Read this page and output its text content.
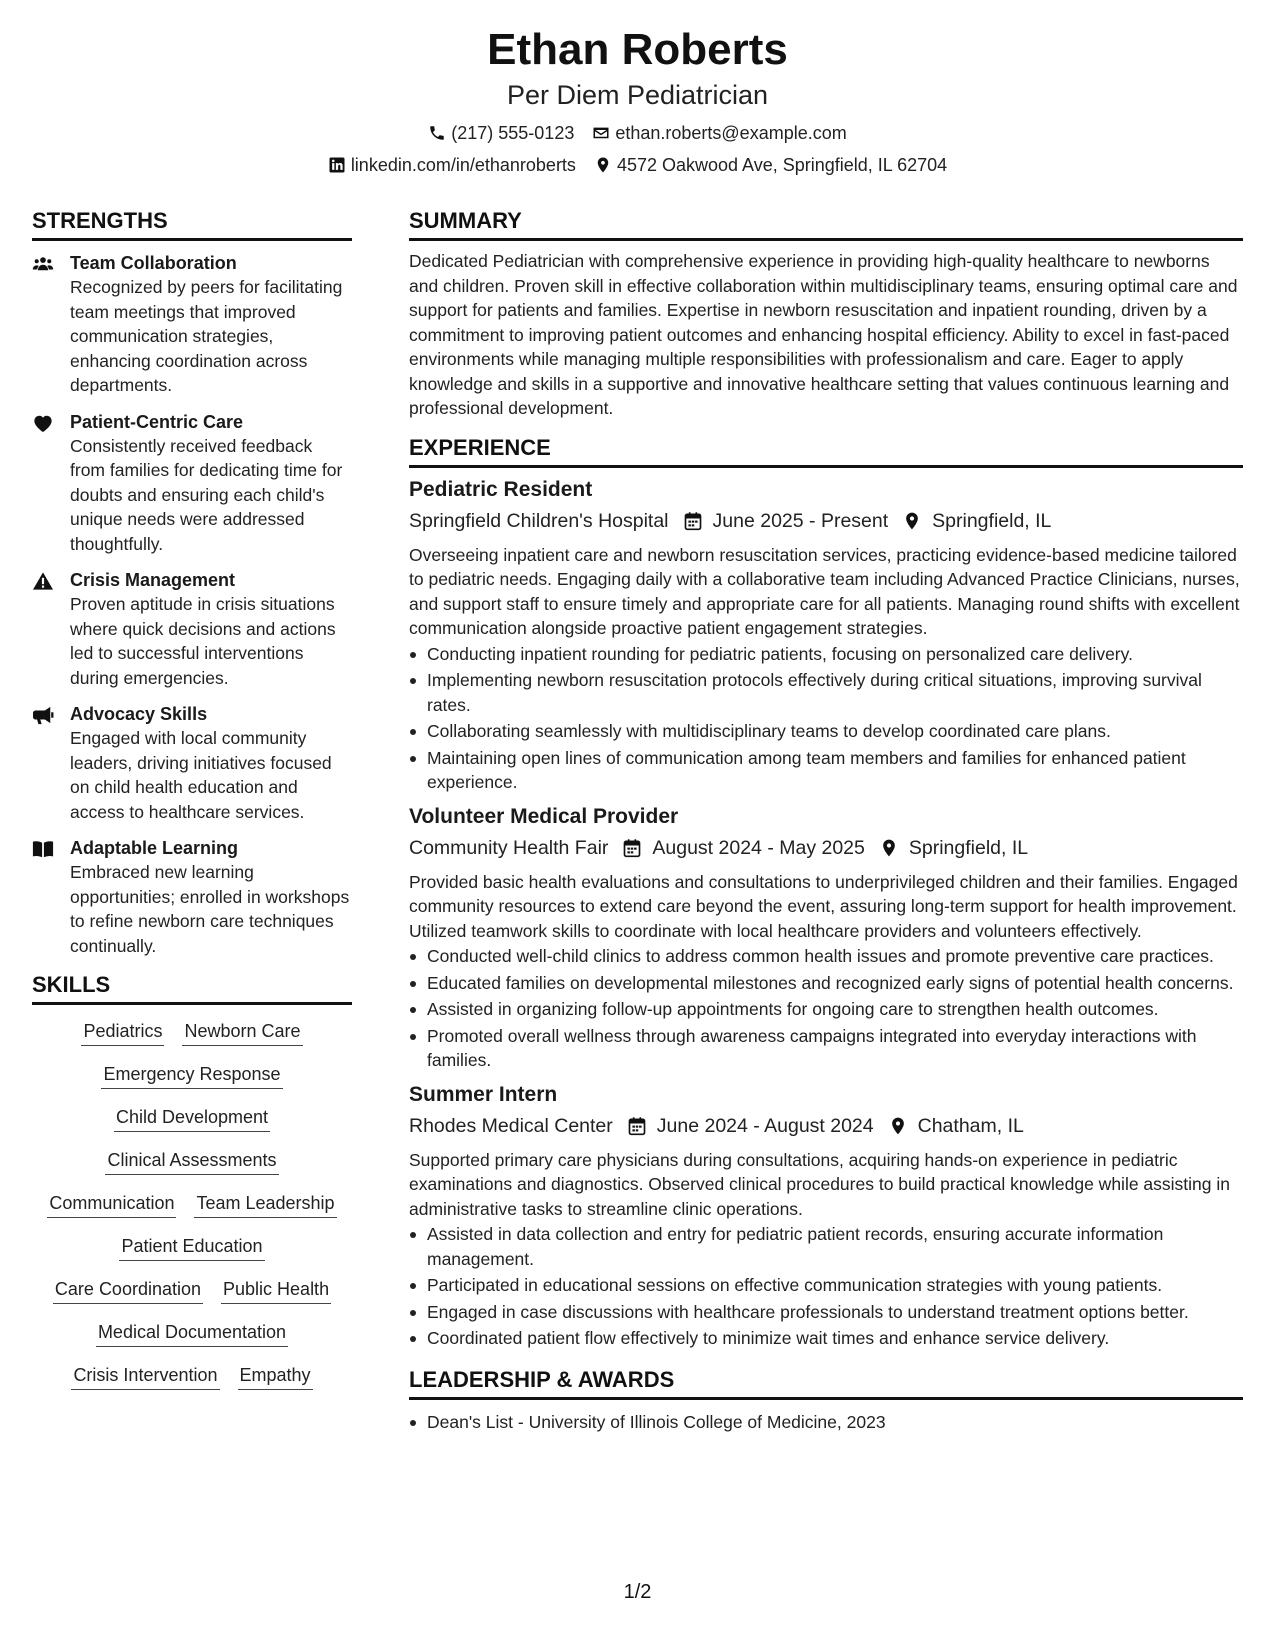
Ethan Roberts
Per Diem Pediatrician
(217) 555-0123 ethan.roberts@example.com
linkedin.com/in/ethanroberts 4572 Oakwood Ave, Springfield, IL 62704
STRENGTHS
Team Collaboration
Recognized by peers for facilitating team meetings that improved communication strategies, enhancing coordination across departments.
Patient-Centric Care
Consistently received feedback from families for dedicating time for doubts and ensuring each child's unique needs were addressed thoughtfully.
Crisis Management
Proven aptitude in crisis situations where quick decisions and actions led to successful interventions during emergencies.
Advocacy Skills
Engaged with local community leaders, driving initiatives focused on child health education and access to healthcare services.
Adaptable Learning
Embraced new learning opportunities; enrolled in workshops to refine newborn care techniques continually.
SKILLS
Pediatrics Newborn Care
Emergency Response
Child Development
Clinical Assessments
Communication Team Leadership
Patient Education
Care Coordination Public Health
Medical Documentation
Crisis Intervention Empathy
SUMMARY
Dedicated Pediatrician with comprehensive experience in providing high-quality healthcare to newborns and children. Proven skill in effective collaboration within multidisciplinary teams, ensuring optimal care and support for patients and families. Expertise in newborn resuscitation and inpatient rounding, driven by a commitment to improving patient outcomes and enhancing hospital efficiency. Ability to excel in fast-paced environments while managing multiple responsibilities with professionalism and care. Eager to apply knowledge and skills in a supportive and innovative healthcare setting that values continuous learning and professional development.
EXPERIENCE
Pediatric Resident
Springfield Children's Hospital June 2025 - Present Springfield, IL
Overseeing inpatient care and newborn resuscitation services, practicing evidence-based medicine tailored to pediatric needs. Engaging daily with a collaborative team including Advanced Practice Clinicians, nurses, and support staff to ensure timely and appropriate care for all patients. Managing round shifts with excellent communication alongside proactive patient engagement strategies.
Conducting inpatient rounding for pediatric patients, focusing on personalized care delivery.
Implementing newborn resuscitation protocols effectively during critical situations, improving survival rates.
Collaborating seamlessly with multidisciplinary teams to develop coordinated care plans.
Maintaining open lines of communication among team members and families for enhanced patient experience.
Volunteer Medical Provider
Community Health Fair August 2024 - May 2025 Springfield, IL
Provided basic health evaluations and consultations to underprivileged children and their families. Engaged community resources to extend care beyond the event, assuring long-term support for health improvement. Utilized teamwork skills to coordinate with local healthcare providers and volunteers effectively.
Conducted well-child clinics to address common health issues and promote preventive care practices.
Educated families on developmental milestones and recognized early signs of potential health concerns.
Assisted in organizing follow-up appointments for ongoing care to strengthen health outcomes.
Promoted overall wellness through awareness campaigns integrated into everyday interactions with families.
Summer Intern
Rhodes Medical Center June 2024 - August 2024 Chatham, IL
Supported primary care physicians during consultations, acquiring hands-on experience in pediatric examinations and diagnostics. Observed clinical procedures to build practical knowledge while assisting in administrative tasks to streamline clinic operations.
Assisted in data collection and entry for pediatric patient records, ensuring accurate information management.
Participated in educational sessions on effective communication strategies with young patients.
Engaged in case discussions with healthcare professionals to understand treatment options better.
Coordinated patient flow effectively to minimize wait times and enhance service delivery.
LEADERSHIP & AWARDS
Dean's List - University of Illinois College of Medicine, 2023
1/2
